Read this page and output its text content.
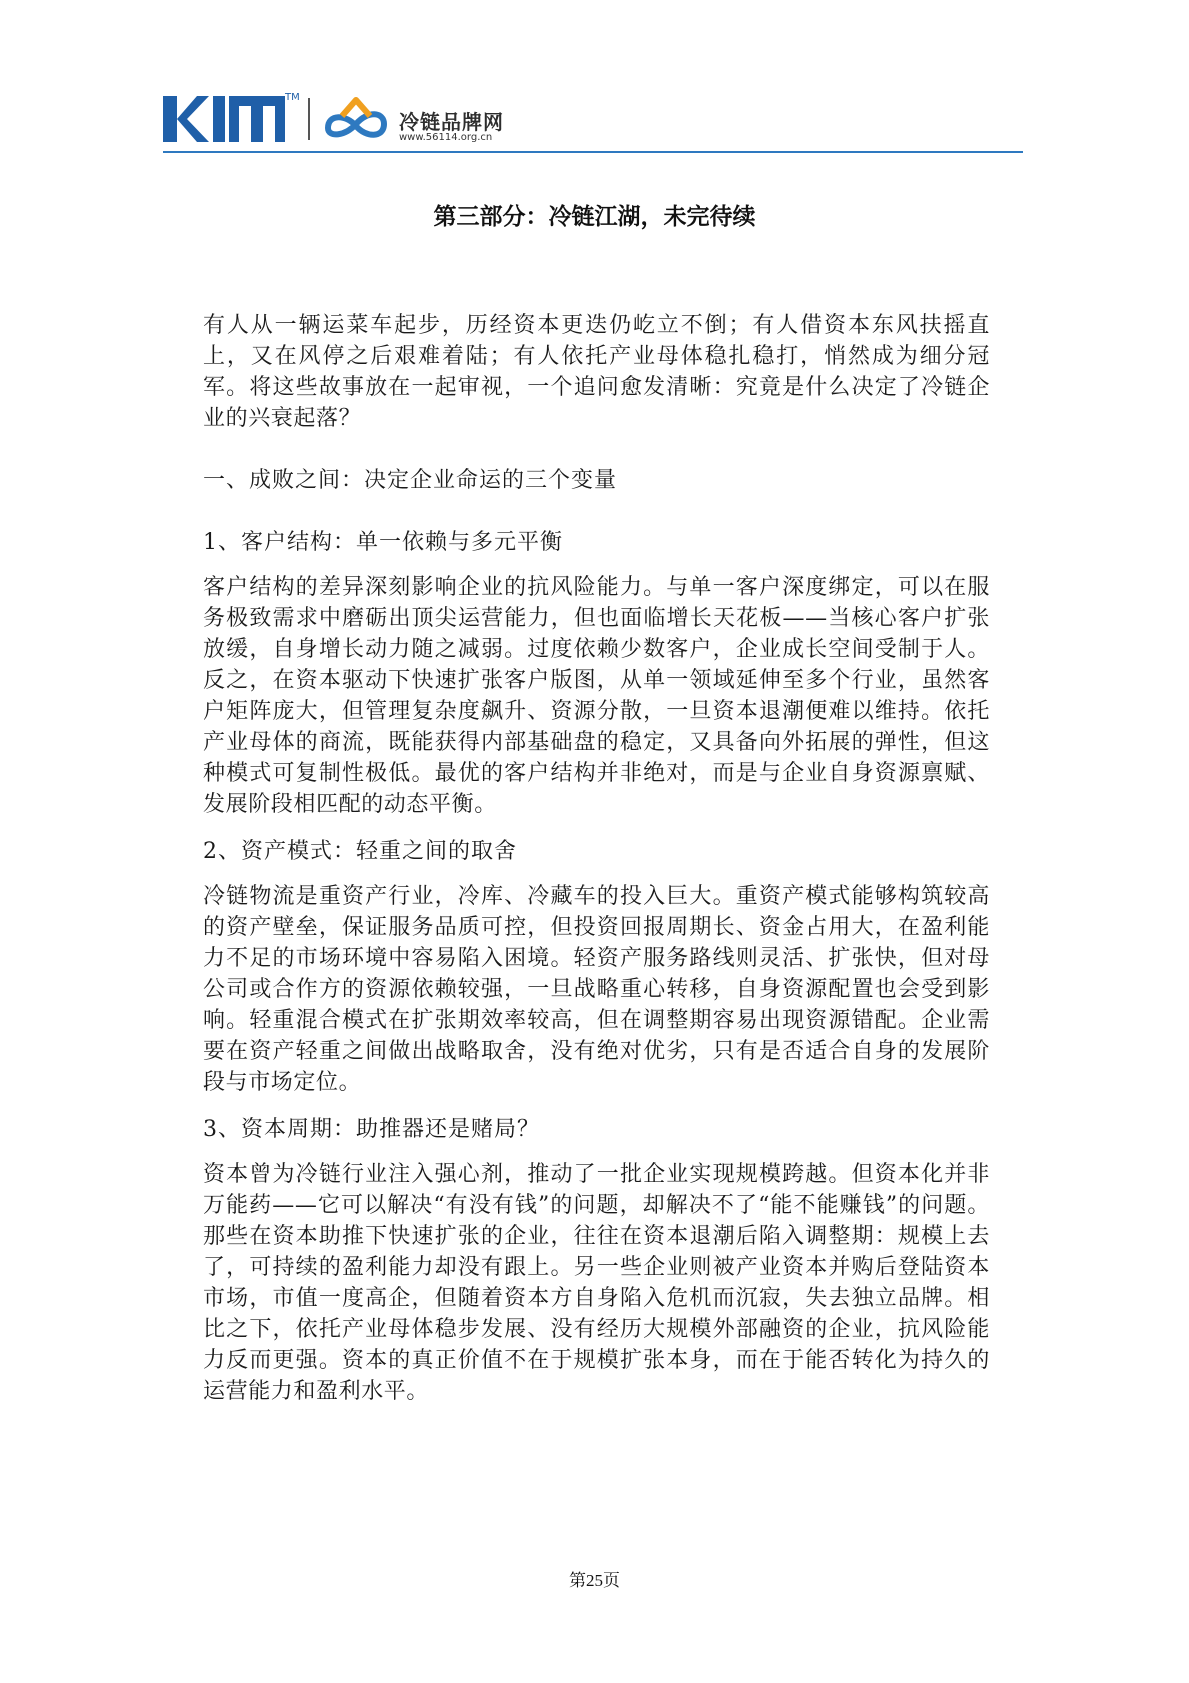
TM
冷链品牌网
www.56114.org.cn
第三部分：冷链江湖，未完待续

有人从一辆运菜车起步，历经资本更迭仍屹立不倒；有人借资本东风扶摇直上，又在风停之后艰难着陆；有人依托产业母体稳扎稳打，悄然成为细分冠军。将这些故事放在一起审视，一个追问愈发清晰：究竟是什么决定了冷链企业的兴衰起落？

一、成败之间：决定企业命运的三个变量

1、客户结构：单一依赖与多元平衡

客户结构的差异深刻影响企业的抗风险能力。与单一客户深度绑定，可以在服务极致需求中磨砺出顶尖运营能力，但也面临增长天花板——当核心客户扩张放缓，自身增长动力随之减弱。过度依赖少数客户，企业成长空间受制于人。反之，在资本驱动下快速扩张客户版图，从单一领域延伸至多个行业，虽然客户矩阵庞大，但管理复杂度飙升、资源分散，一旦资本退潮便难以维持。依托产业母体的商流，既能获得内部基础盘的稳定，又具备向外拓展的弹性，但这种模式可复制性极低。最优的客户结构并非绝对，而是与企业自身资源禀赋、发展阶段相匹配的动态平衡。

2、资产模式：轻重之间的取舍

冷链物流是重资产行业，冷库、冷藏车的投入巨大。重资产模式能够构筑较高的资产壁垒，保证服务品质可控，但投资回报周期长、资金占用大，在盈利能力不足的市场环境中容易陷入困境。轻资产服务路线则灵活、扩张快，但对母公司或合作方的资源依赖较强，一旦战略重心转移，自身资源配置也会受到影响。轻重混合模式在扩张期效率较高，但在调整期容易出现资源错配。企业需要在资产轻重之间做出战略取舍，没有绝对优劣，只有是否适合自身的发展阶段与市场定位。

3、资本周期：助推器还是赌局？

资本曾为冷链行业注入强心剂，推动了一批企业实现规模跨越。但资本化并非万能药——它可以解决“有没有钱”的问题，却解决不了“能不能赚钱”的问题。那些在资本助推下快速扩张的企业，往往在资本退潮后陷入调整期：规模上去了，可持续的盈利能力却没有跟上。另一些企业则被产业资本并购后登陆资本市场，市值一度高企，但随着资本方自身陷入危机而沉寂，失去独立品牌。相比之下，依托产业母体稳步发展、没有经历大规模外部融资的企业，抗风险能力反而更强。资本的真正价值不在于规模扩张本身，而在于能否转化为持久的运营能力和盈利水平。

第25页
